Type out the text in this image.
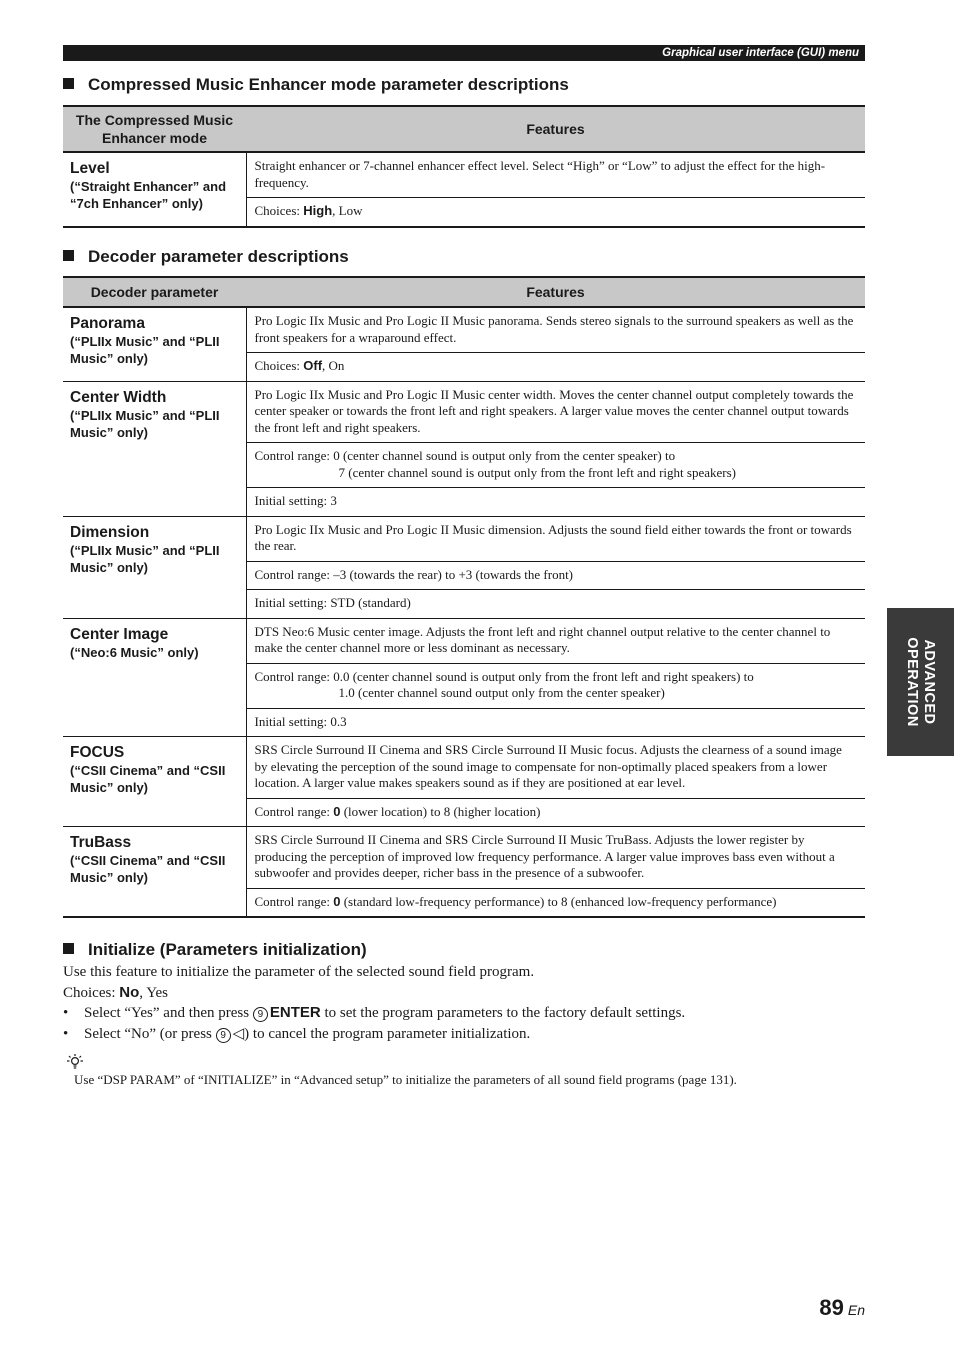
Graphical user interface (GUI) menu
Compressed Music Enhancer mode parameter descriptions
The Compressed Music Enhancer mode	Features

Level
(“Straight Enhancer” and “7ch Enhancer” only)	Straight enhancer or 7-channel enhancer effect level. Select “High” or “Low” to adjust the effect for the high-frequency.
	Choices: High, Low
Decoder parameter descriptions
Decoder parameter	Features

Panorama
(“PLIIx Music” and “PLII Music” only)	Pro Logic IIx Music and Pro Logic II Music panorama. Sends stereo signals to the surround speakers as well as the front speakers for a wraparound effect.
	Choices: Off, On

Center Width
(“PLIIx Music” and “PLII Music” only)	Pro Logic IIx Music and Pro Logic II Music center width. Moves the center channel output completely towards the center speaker or towards the front left and right speakers. A larger value moves the center channel output towards the front left and right speakers.
	Control range: 0 (center channel sound is output only from the center speaker) to
7 (center channel sound is output only from the front left and right speakers)

	Initial setting: 3

Dimension
(“PLIIx Music” and “PLII Music” only)	Pro Logic IIx Music and Pro Logic II Music dimension. Adjusts the sound field either towards the front or towards the rear.
	Control range: –3 (towards the rear) to +3 (towards the front)
	Initial setting: STD (standard)

Center Image
(“Neo:6 Music” only)	DTS Neo:6 Music center image. Adjusts the front left and right channel output relative to the center channel to make the center channel more or less dominant as necessary.
	Control range: 0.0 (center channel sound is output only from the front left and right speakers) to
1.0 (center channel sound output only from the center speaker)

	Initial setting: 0.3

FOCUS
(“CSII Cinema” and “CSII Music” only)	SRS Circle Surround II Cinema and SRS Circle Surround II Music focus. Adjusts the clearness of a sound image by elevating the perception of the sound image to compensate for non-optimally placed speakers from a lower location. A larger value makes speakers sound as if they are positioned at ear level.
	Control range: 0 (lower location) to 8 (higher location)

TruBass
(“CSII Cinema” and “CSII Music” only)	SRS Circle Surround II Cinema and SRS Circle Surround II Music TruBass. Adjusts the lower register by producing the perception of improved low frequency performance. A larger value improves bass even without a subwoofer and provides deeper, richer bass in the presence of a subwoofer.
	Control range: 0 (standard low-frequency performance) to 8 (enhanced low-frequency performance)
Initialize (Parameters initialization)
Use this feature to initialize the parameter of the selected sound field program.
Choices: No, Yes
• Select “Yes” and then press 9 ENTER to set the program parameters to the factory default settings.
• Select “No” (or press 9 ◁) to cancel the program parameter initialization.
Use “DSP PARAM” of “INITIALIZE” in “Advanced setup” to initialize the parameters of all sound field programs (page 131).
ADVANCED
OPERATION
89 En
